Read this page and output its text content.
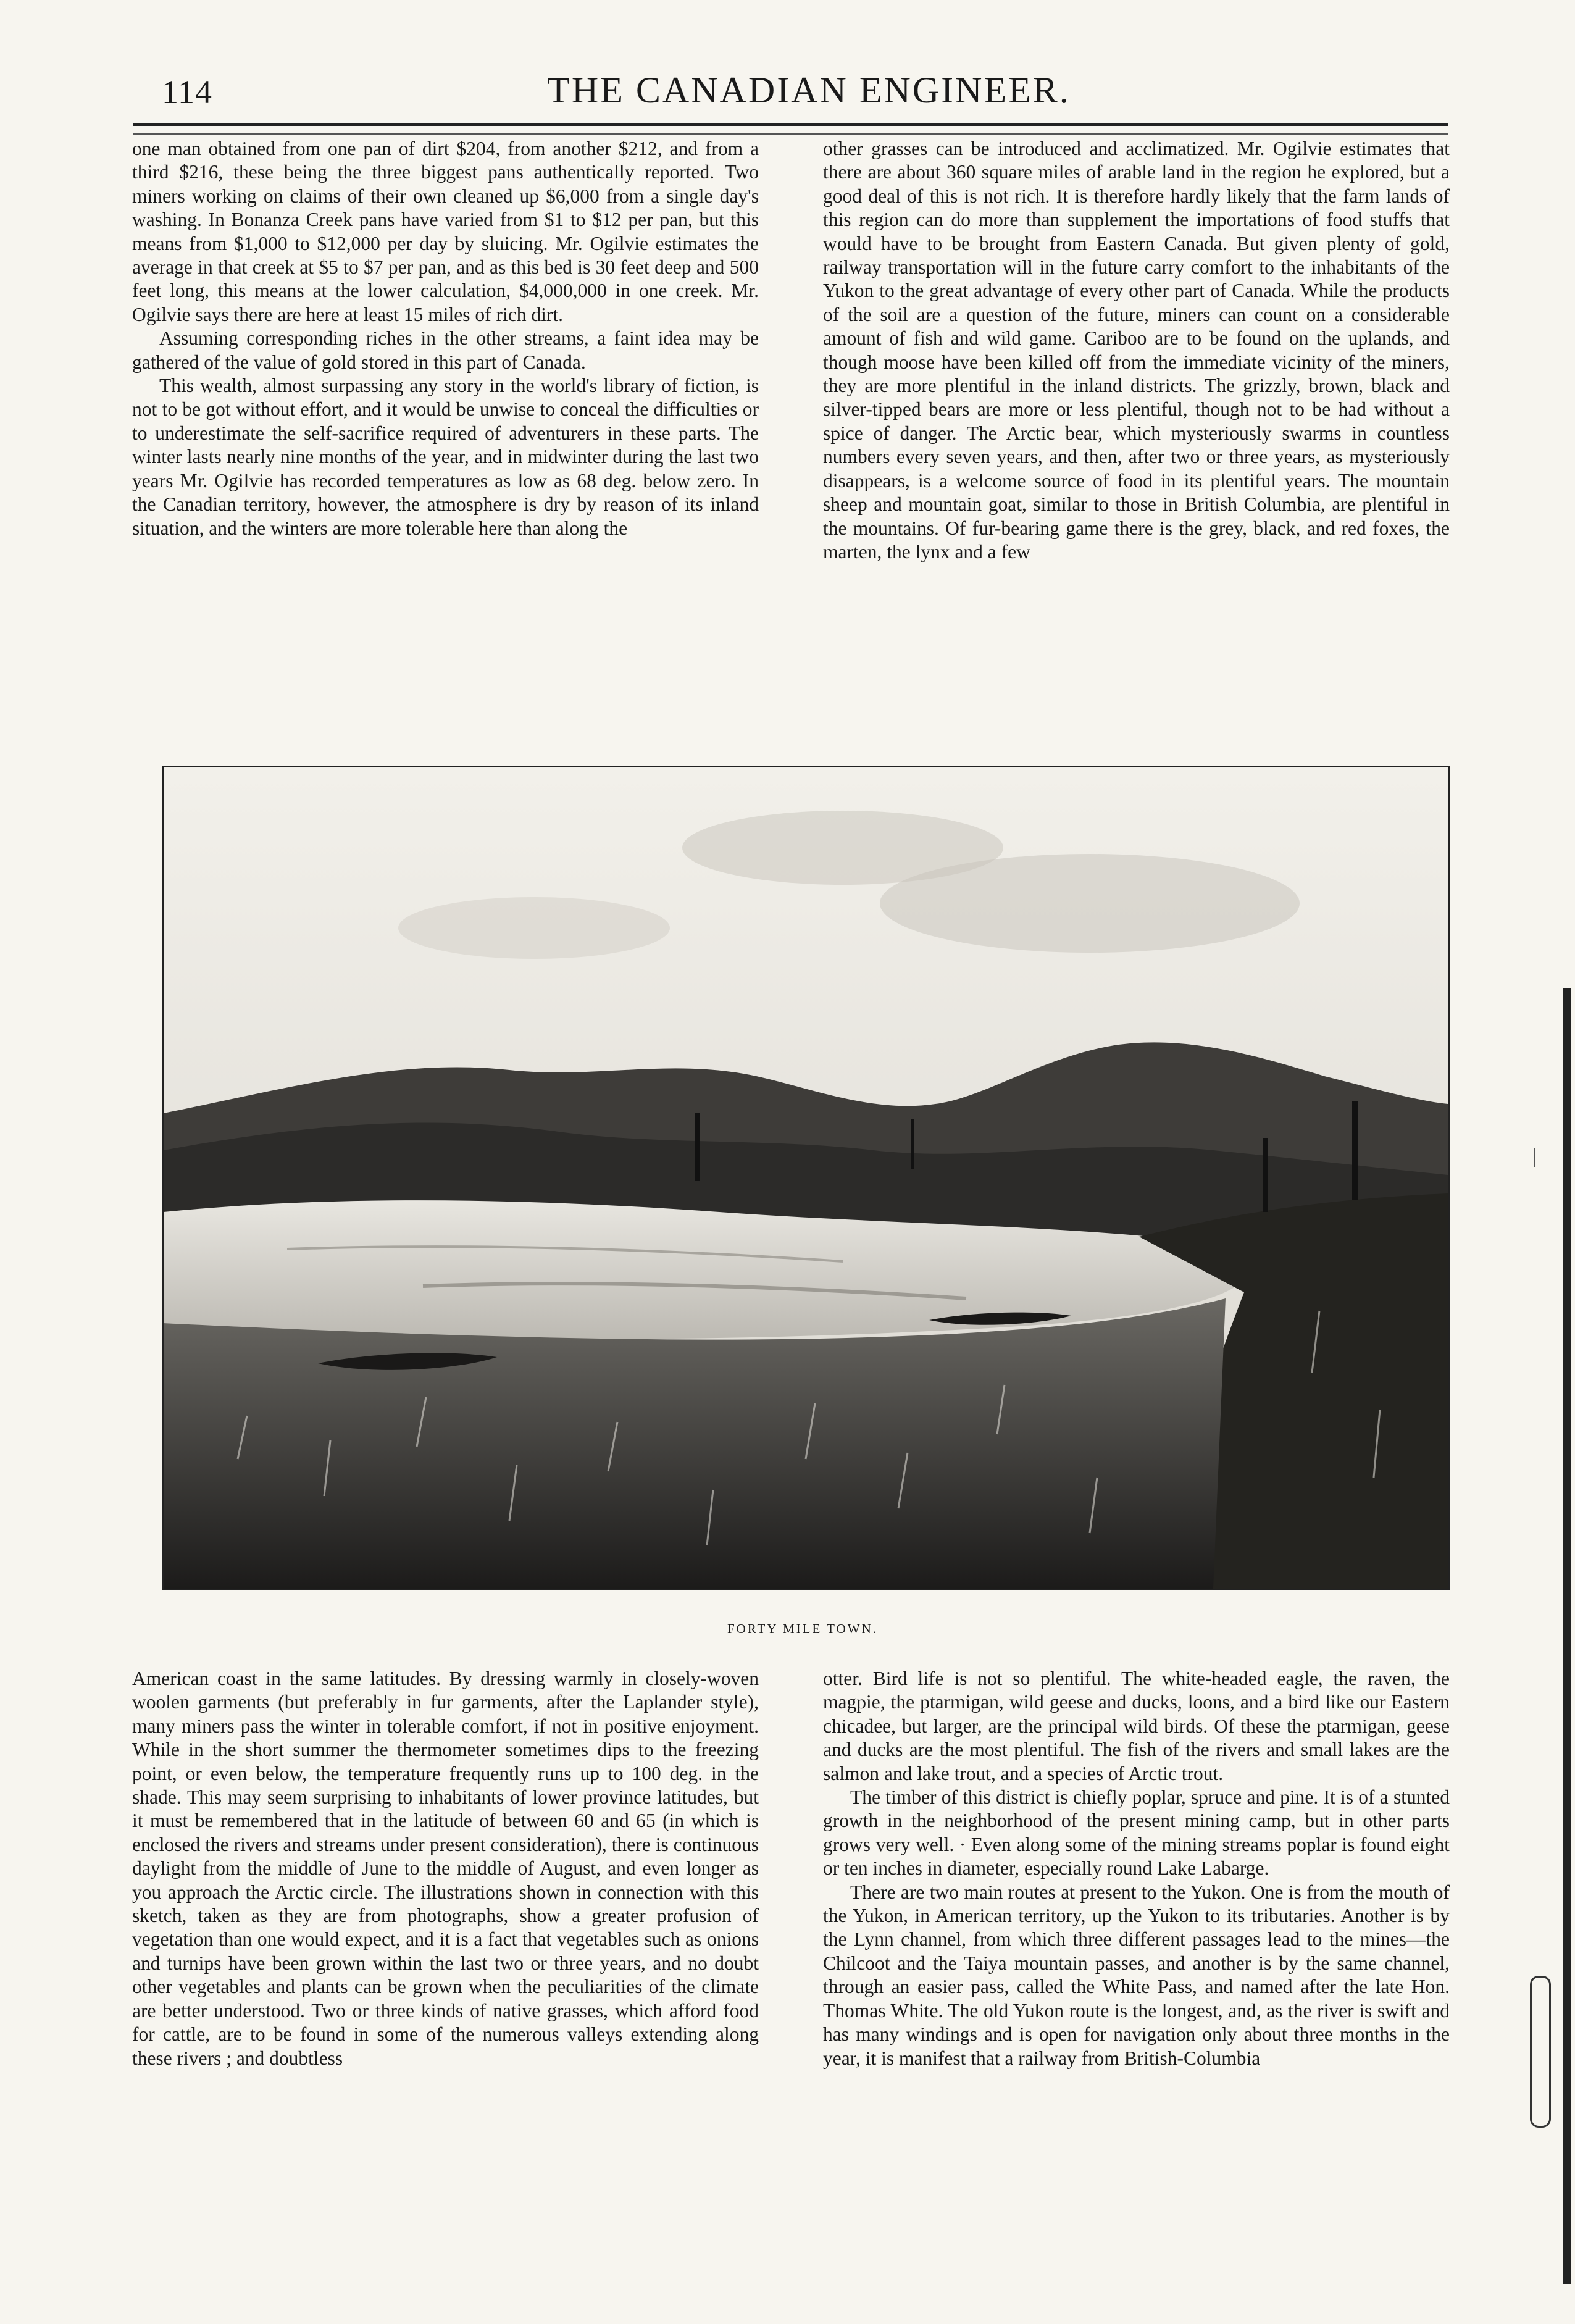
114	THE CANADIAN ENGINEER.

one man obtained from one pan of dirt $204, from another $212, and from a third $216, these being the three biggest pans authentically reported. Two miners working on claims of their own cleaned up $6,000 from a single day's washing. In Bonanza Creek pans have varied from $1 to $12 per pan, but this means from $1,000 to $12,000 per day by sluicing. Mr. Ogilvie estimates the average in that creek at $5 to $7 per pan, and as this bed is 30 feet deep and 500 feet long, this means at the lower calculation, $4,000,000 in one creek. Mr. Ogilvie says there are here at least 15 miles of rich dirt.

Assuming corresponding riches in the other streams, a faint idea may be gathered of the value of gold stored in this part of Canada.

This wealth, almost surpassing any story in the world's library of fiction, is not to be got without effort, and it would be unwise to conceal the difficulties or to underestimate the self-sacrifice required of adventurers in these parts. The winter lasts nearly nine months of the year, and in midwinter during the last two years Mr. Ogilvie has recorded temperatures as low as 68 deg. below zero. In the Canadian territory, however, the atmosphere is dry by reason of its inland situation, and the winters are more tolerable here than along the

other grasses can be introduced and acclimatized. Mr. Ogilvie estimates that there are about 360 square miles of arable land in the region he explored, but a good deal of this is not rich. It is therefore hardly likely that the farm lands of this region can do more than supplement the importations of food stuffs that would have to be brought from Eastern Canada. But given plenty of gold, railway transportation will in the future carry comfort to the inhabitants of the Yukon to the great advantage of every other part of Canada. While the products of the soil are a question of the future, miners can count on a considerable amount of fish and wild game. Cariboo are to be found on the uplands, and though moose have been killed off from the immediate vicinity of the miners, they are more plentiful in the inland districts. The grizzly, brown, black and silver-tipped bears are more or less plentiful, though not to be had without a spice of danger. The Arctic bear, which mysteriously swarms in countless numbers every seven years, and then, after two or three years, as mysteriously disappears, is a welcome source of food in its plentiful years. The mountain sheep and mountain goat, similar to those in British Columbia, are plentiful in the mountains. Of fur-bearing game there is the grey, black, and red foxes, the marten, the lynx and a few

FORTY MILE TOWN.

American coast in the same latitudes. By dressing warmly in closely-woven woolen garments (but preferably in fur garments, after the Laplander style), many miners pass the winter in tolerable comfort, if not in positive enjoyment. While in the short summer the thermometer sometimes dips to the freezing point, or even below, the temperature frequently runs up to 100 deg. in the shade. This may seem surprising to inhabitants of lower province latitudes, but it must be remembered that in the latitude of between 60 and 65 (in which is enclosed the rivers and streams under present consideration), there is continuous daylight from the middle of June to the middle of August, and even longer as you approach the Arctic circle. The illustrations shown in connection with this sketch, taken as they are from photographs, show a greater profusion of vegetation than one would expect, and it is a fact that vegetables such as onions and turnips have been grown within the last two or three years, and no doubt other vegetables and plants can be grown when the peculiarities of the climate are better understood. Two or three kinds of native grasses, which afford food for cattle, are to be found in some of the numerous valleys extending along these rivers ; and doubtless

otter. Bird life is not so plentiful. The white-headed eagle, the raven, the magpie, the ptarmigan, wild geese and ducks, loons, and a bird like our Eastern chicadee, but larger, are the principal wild birds. Of these the ptarmigan, geese and ducks are the most plentiful. The fish of the rivers and small lakes are the salmon and lake trout, and a species of Arctic trout.

The timber of this district is chiefly poplar, spruce and pine. It is of a stunted growth in the neighborhood of the present mining camp, but in other parts grows very well. · Even along some of the mining streams poplar is found eight or ten inches in diameter, especially round Lake Labarge.

There are two main routes at present to the Yukon. One is from the mouth of the Yukon, in American territory, up the Yukon to its tributaries. Another is by the Lynn channel, from which three different passages lead to the mines—the Chilcoot and the Taiya mountain passes, and another is by the same channel, through an easier pass, called the White Pass, and named after the late Hon. Thomas White. The old Yukon route is the longest, and, as the river is swift and has many windings and is open for navigation only about three months in the year, it is manifest that a railway from British-Columbia
